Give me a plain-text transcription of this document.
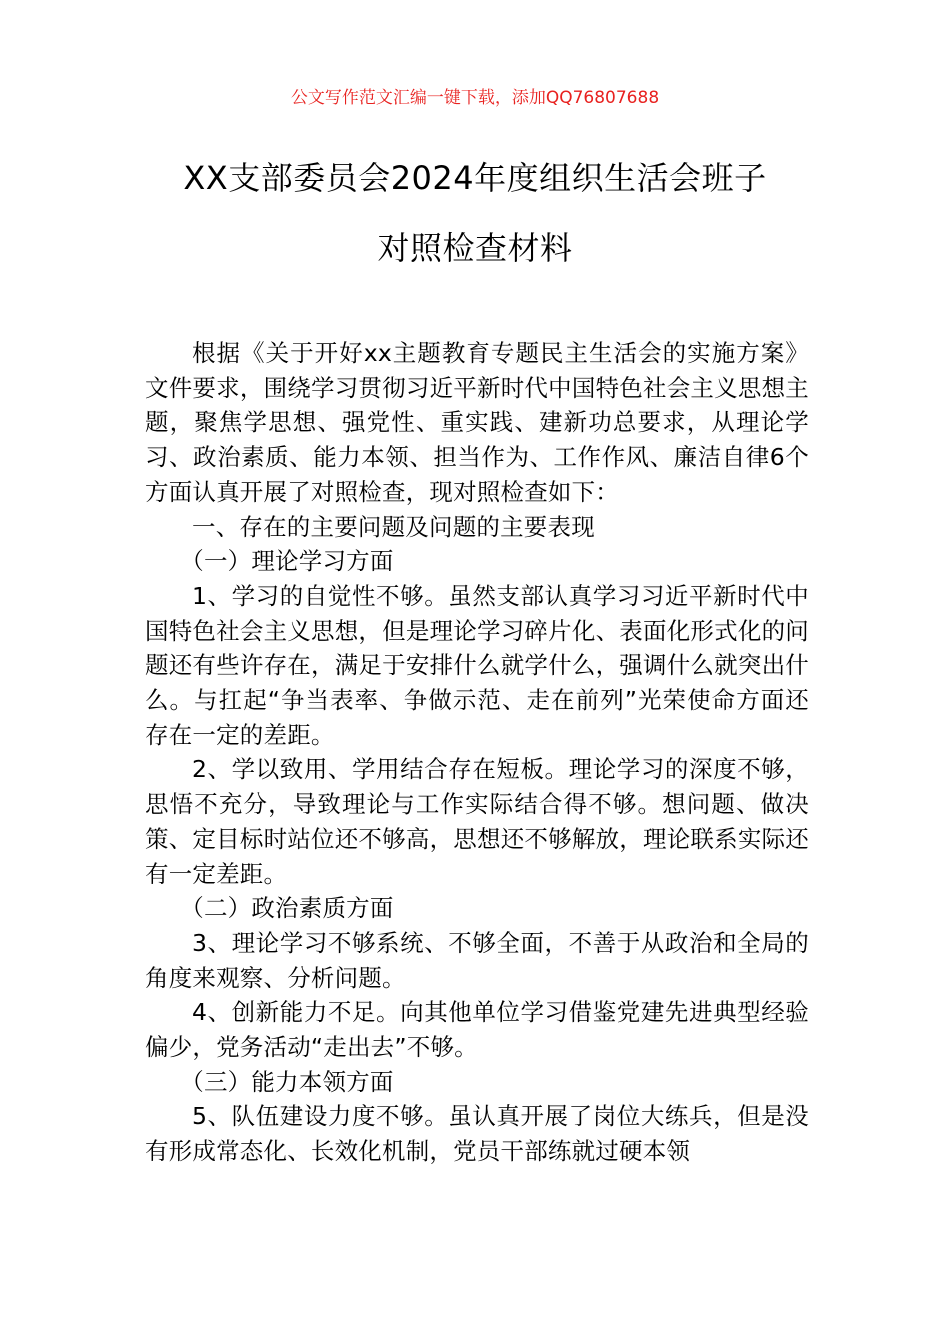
公文写作范文汇编一键下载，添加QQ76807688
XX支部委员会2024年度组织生活会班子
对照检查材料

根据《关于开好xx主题教育专题民主生活会的实施方案》文件要求，围绕学习贯彻习近平新时代中国特色社会主义思想主题，聚焦学思想、强党性、重实践、建新功总要求，从理论学习、政治素质、能力本领、担当作为、工作作风、廉洁自律6个方面认真开展了对照检查，现对照检查如下：

一、存在的主要问题及问题的主要表现

（一）理论学习方面

1、学习的自觉性不够。虽然支部认真学习习近平新时代中国特色社会主义思想，但是理论学习碎片化、表面化形式化的问题还有些许存在，满足于安排什么就学什么，强调什么就突出什么。与扛起“争当表率、争做示范、走在前列”光荣使命方面还存在一定的差距。

2、学以致用、学用结合存在短板。理论学习的深度不够，思悟不充分，导致理论与工作实际结合得不够。想问题、做决策、定目标时站位还不够高，思想还不够解放，理论联系实际还有一定差距。

（二）政治素质方面

3、理论学习不够系统、不够全面，不善于从政治和全局的角度来观察、分析问题。

4、创新能力不足。向其他单位学习借鉴党建先进典型经验偏少，党务活动“走出去”不够。

（三）能力本领方面

5、队伍建设力度不够。虽认真开展了岗位大练兵，但是没有形成常态化、长效化机制，党员干部练就过硬本领
